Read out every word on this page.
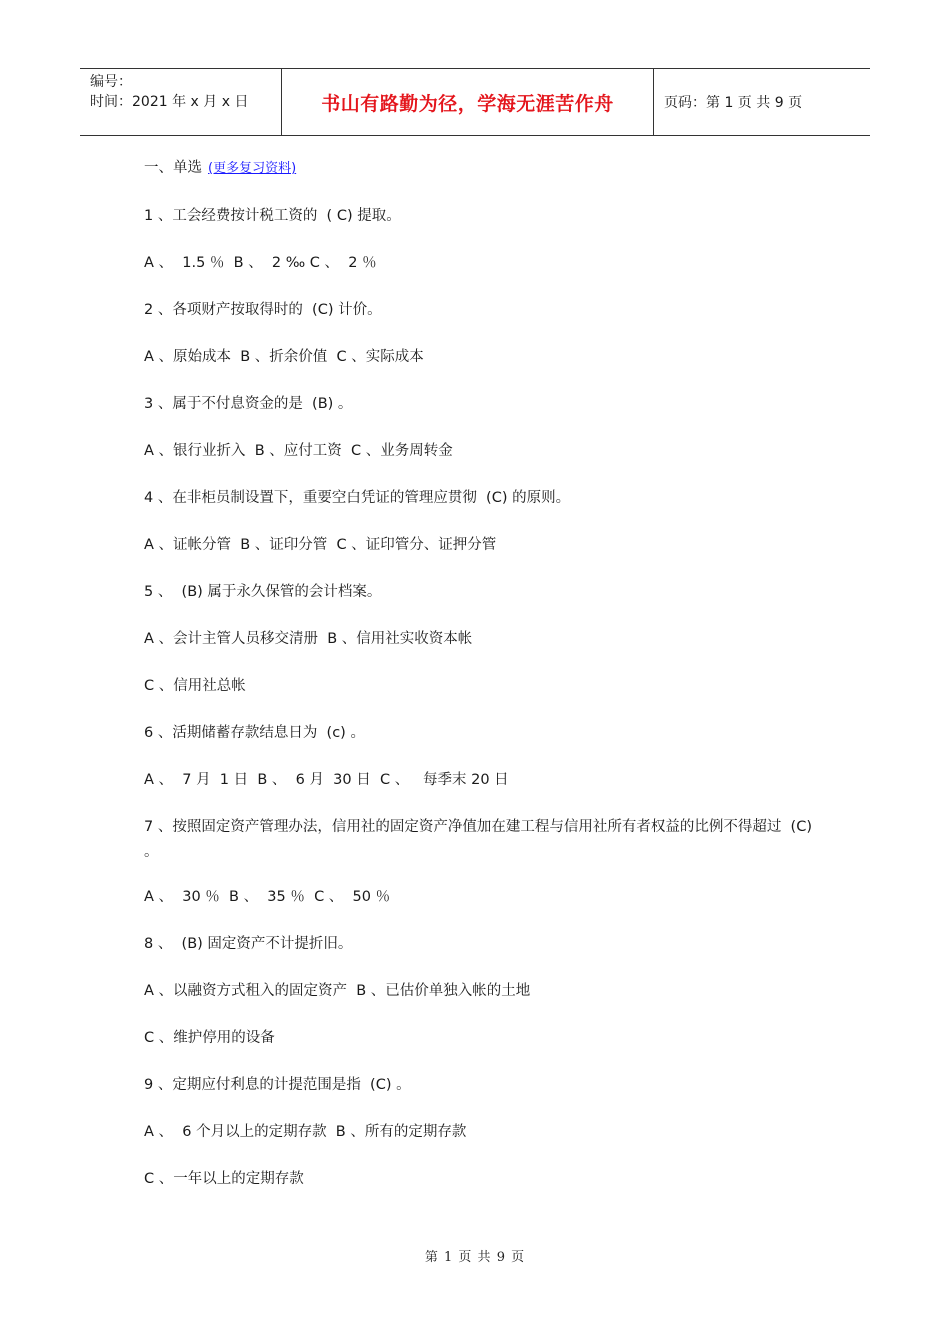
编号：
时间：2021 年 x 月 x 日	书山有路勤为径，学海无涯苦作舟	页码：第 1 页 共 9 页
一、单选 (更多复习资料)
1 、工会经费按计税工资的  ( C) 提取。
A 、  1.5 ％  B 、  2 ‰ C 、  2 ％
2 、各项财产按取得时的  (C) 计价。
A 、原始成本  B 、折余价值  C 、实际成本
3 、属于不付息资金的是  (B) 。
A 、银行业折入  B 、应付工资  C 、业务周转金
4 、在非柜员制设置下，重要空白凭证的管理应贯彻  (C) 的原则。
A 、证帐分管  B 、证印分管  C 、证印管分、证押分管
5 、  (B) 属于永久保管的会计档案。
A 、会计主管人员移交清册  B 、信用社实收资本帐
C 、信用社总帐
6 、活期储蓄存款结息日为  (c) 。
A 、  7 月  1 日  B 、  6 月  30 日  C 、   每季末 20 日
7 、按照固定资产管理办法，信用社的固定资产净值加在建工程与信用社所有者权益的比例不得超过  (C) 。
A 、  30 ％  B 、  35 ％  C 、  50 ％
8 、  (B) 固定资产不计提折旧。
A 、以融资方式租入的固定资产  B 、已估价单独入帐的土地
C 、维护停用的设备
9 、定期应付利息的计提范围是指  (C) 。
A 、  6 个月以上的定期存款  B 、所有的定期存款
C 、一年以上的定期存款
第 1 页 共 9 页
